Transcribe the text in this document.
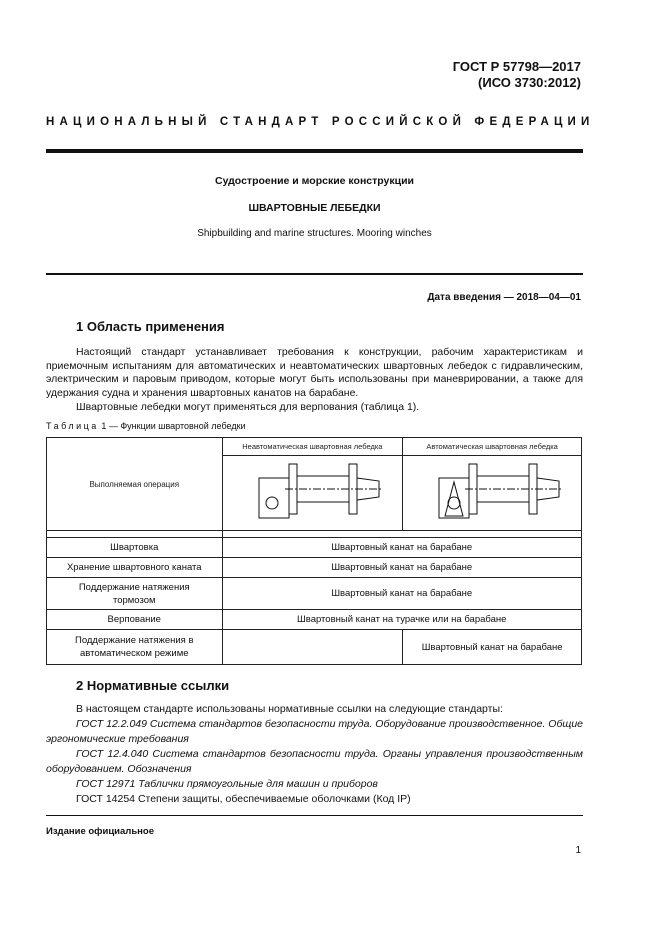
ГОСТ Р 57798—2017
(ИСО 3730:2012)
НАЦИОНАЛЬНЫЙ СТАНДАРТ РОССИЙСКОЙ ФЕДЕРАЦИИ
Судостроение и морские конструкции
ШВАРТОВНЫЕ ЛЕБЕДКИ
Shipbuilding and marine structures. Mooring winches
Дата введения — 2018—04—01
1 Область применения

Настоящий стандарт устанавливает требования к конструкции, рабочим характеристикам и приемочным испытаниям для автоматических и неавтоматических швартовных лебедок с гидравлическим, электрическим и паровым приводом, которые могут быть использованы при маневрировании, а также для удержания судна и хранения швартовных канатов на барабане.

Швартовные лебедки могут применяться для верпования (таблица 1).

Таблица 1 — Функции швартовной лебедки
Выполняемая операция	Неавтоматическая швартовная лебедка	Автоматическая швартовная лебедка

Швартовка	Швартовный канат на барабане	
Хранение швартовного каната	Швартовный канат на барабане	
Поддержание натяжения тормозом	Швартовный канат на барабане	
Верпование	Швартовный канат на турачке или на барабане	
Поддержание натяжения в автоматическом режиме		Швартовный канат на барабане
2 Нормативные ссылки
В настоящем стандарте использованы нормативные ссылки на следующие стандарты:
ГОСТ 12.2.049 Система стандартов безопасности труда. Оборудование производственное. Общие эргономические требования
ГОСТ 12.4.040 Система стандартов безопасности труда. Органы управления производственным оборудованием. Обозначения
ГОСТ 12971 Таблички прямоугольные для машин и приборов
ГОСТ 14254 Степени защиты, обеспечиваемые оболочками (Код IP)
Издание официальное
1
